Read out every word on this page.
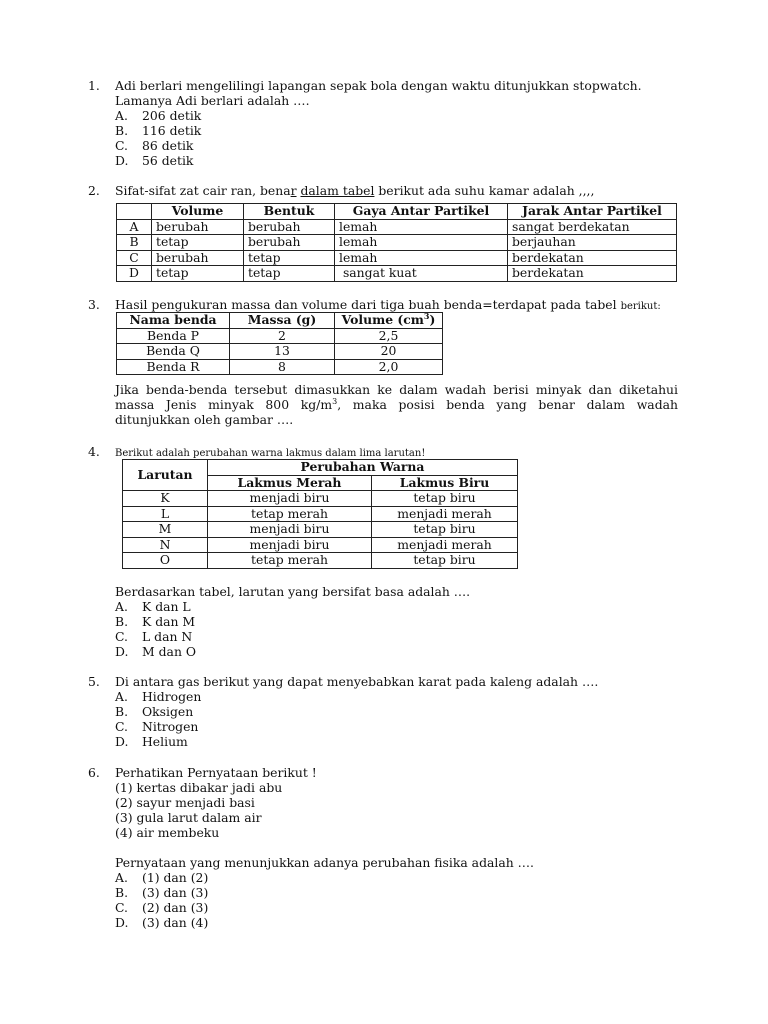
1. Adi berlari mengelilingi lapangan sepak bola dengan waktu ditunjukkan stopwatch.
Lamanya Adi berlari adalah ….
A.	206 detik
B.	116 detik
C.	86 detik
D.	56 detik
2. Sifat-sifat zat cair ran, benar dalam tabel berikut ada suhu kamar adalah ,,,,
	Volume	Bentuk	Gaya Antar Partikel	Jarak Antar Partikel
A	berubah	berubah	lemah	sangat berdekatan
B	tetap	berubah	lemah	berjauhan
C	berubah	tetap	lemah	berdekatan
D	tetap	tetap	sangat kuat	berdekatan
3. Hasil pengukuran massa dan volume dari tiga buah benda=terdapat pada tabel berikut:
Nama benda	Massa (g)	Volume $(cm^3)$
Benda P	2	2,5
Benda Q	13	20
Benda R	8	2,0
Jika benda-benda tersebut dimasukkan ke dalam wadah berisi minyak dan diketahui
massa Jenis minyak 800 $kg/m^3$, maka posisi benda yang benar dalam wadah
ditunjukkan oleh gambar ….
4. Berikut adalah perubahan warna lakmus dalam lima larutan!
Larutan	Perubahan Warna	
	Lakmus Merah	Lakmus Biru
K	menjadi biru	tetap biru
L	tetap merah	menjadi merah
M	menjadi biru	tetap biru
N	menjadi biru	menjadi merah
O	tetap merah	tetap biru
Berdasarkan tabel, larutan yang bersifat basa adalah ….
A.	K dan L
B.	K dan M
C.	L dan N
D.	M dan O
5. Di antara gas berikut yang dapat menyebabkan karat pada kaleng adalah ….
A.	Hidrogen
B.	Oksigen
C.	Nitrogen
D.	Helium
6. Perhatikan Pernyataan berikut !
(1) kertas dibakar jadi abu
(2) sayur menjadi basi
(3) gula larut dalam air
(4) air membeku
Pernyataan yang menunjukkan adanya perubahan fisika adalah ….
A.	(1) dan (2)
B.	(3) dan (3)
C.	(2) dan (3)
D.	(3) dan (4)
